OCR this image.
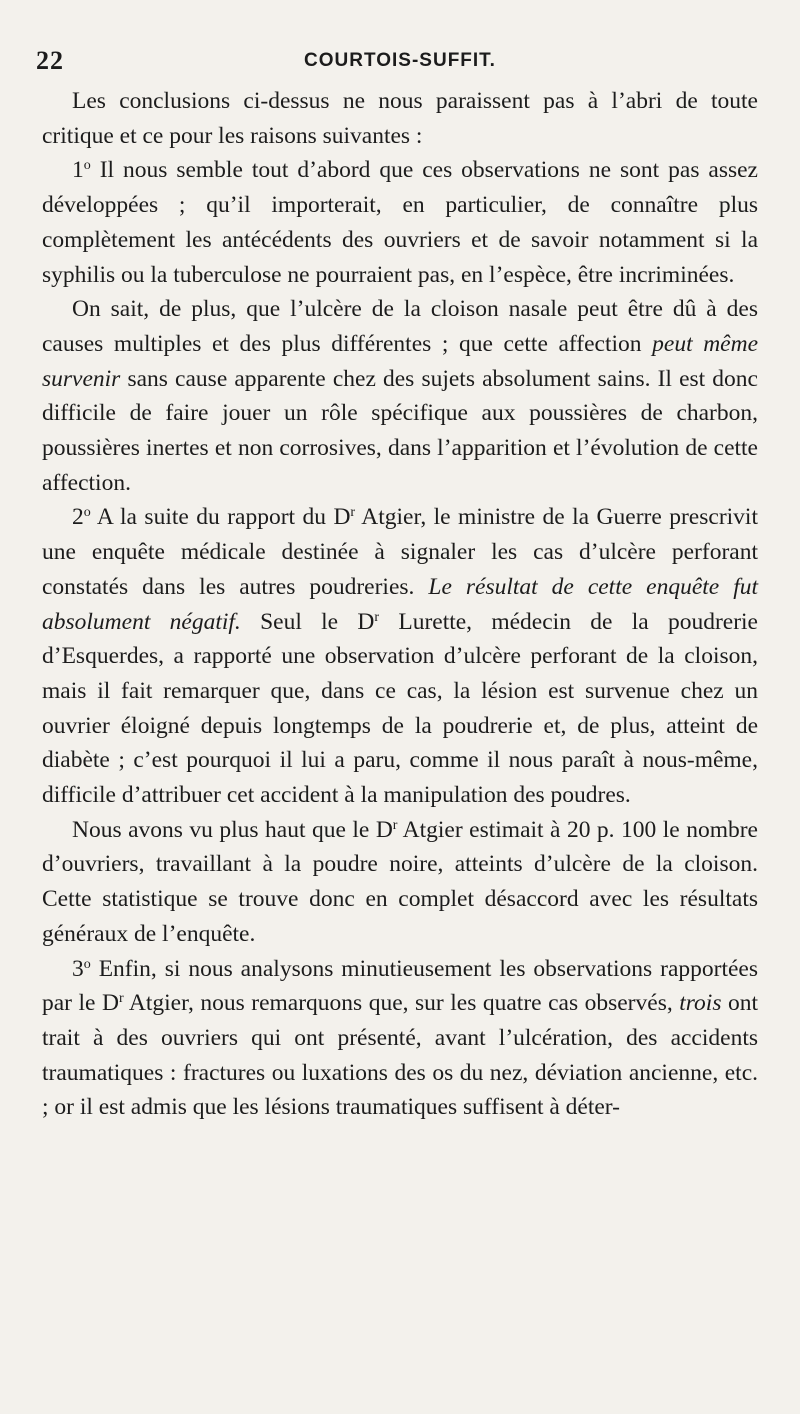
22	COURTOIS-SUFFIT.

Les conclusions ci-dessus ne nous paraissent pas à l’abri de toute critique et ce pour les raisons suivantes :

1$^o$ Il nous semble tout d’abord que ces observations ne sont pas assez développées ; qu’il importerait, en particulier, de connaître plus complètement les antécédents des ouvriers et de savoir notamment si la syphilis ou la tuberculose ne pourraient pas, en l’espèce, être incriminées.

On sait, de plus, que l’ulcère de la cloison nasale peut être dû à des causes multiples et des plus différentes ; que cette affection peut même survenir sans cause apparente chez des sujets absolument sains. Il est donc difficile de faire jouer un rôle spécifique aux poussières de charbon, poussières inertes et non corrosives, dans l’apparition et l’évolution de cette affection.

2$^o$ A la suite du rapport du $D^r$ Atgier, le ministre de la Guerre prescrivit une enquête médicale destinée à signaler les cas d’ulcère perforant constatés dans les autres poudreries. Le résultat de cette enquête fut absolument négatif. Seul le $D^r$ Lurette, médecin de la poudrerie d’Esquerdes, a rapporté une observation d’ulcère perforant de la cloison, mais il fait remarquer que, dans ce cas, la lésion est survenue chez un ouvrier éloigné depuis longtemps de la poudrerie et, de plus, atteint de diabète ; c’est pourquoi il lui a paru, comme il nous paraît à nous-même, difficile d’attribuer cet accident à la manipulation des poudres.

Nous avons vu plus haut que le $D^r$ Atgier estimait à 20 p. 100 le nombre d’ouvriers, travaillant à la poudre noire, atteints d’ulcère de la cloison. Cette statistique se trouve donc en complet désaccord avec les résultats généraux de l’enquête.

3$^o$ Enfin, si nous analysons minutieusement les observations rapportées par le $D^r$ Atgier, nous remarquons que, sur les quatre cas observés, trois ont trait à des ouvriers qui ont présenté, avant l’ulcération, des accidents traumatiques : fractures ou luxations des os du nez, déviation ancienne, etc. ; or il est admis que les lésions traumatiques suffisent à déter-
